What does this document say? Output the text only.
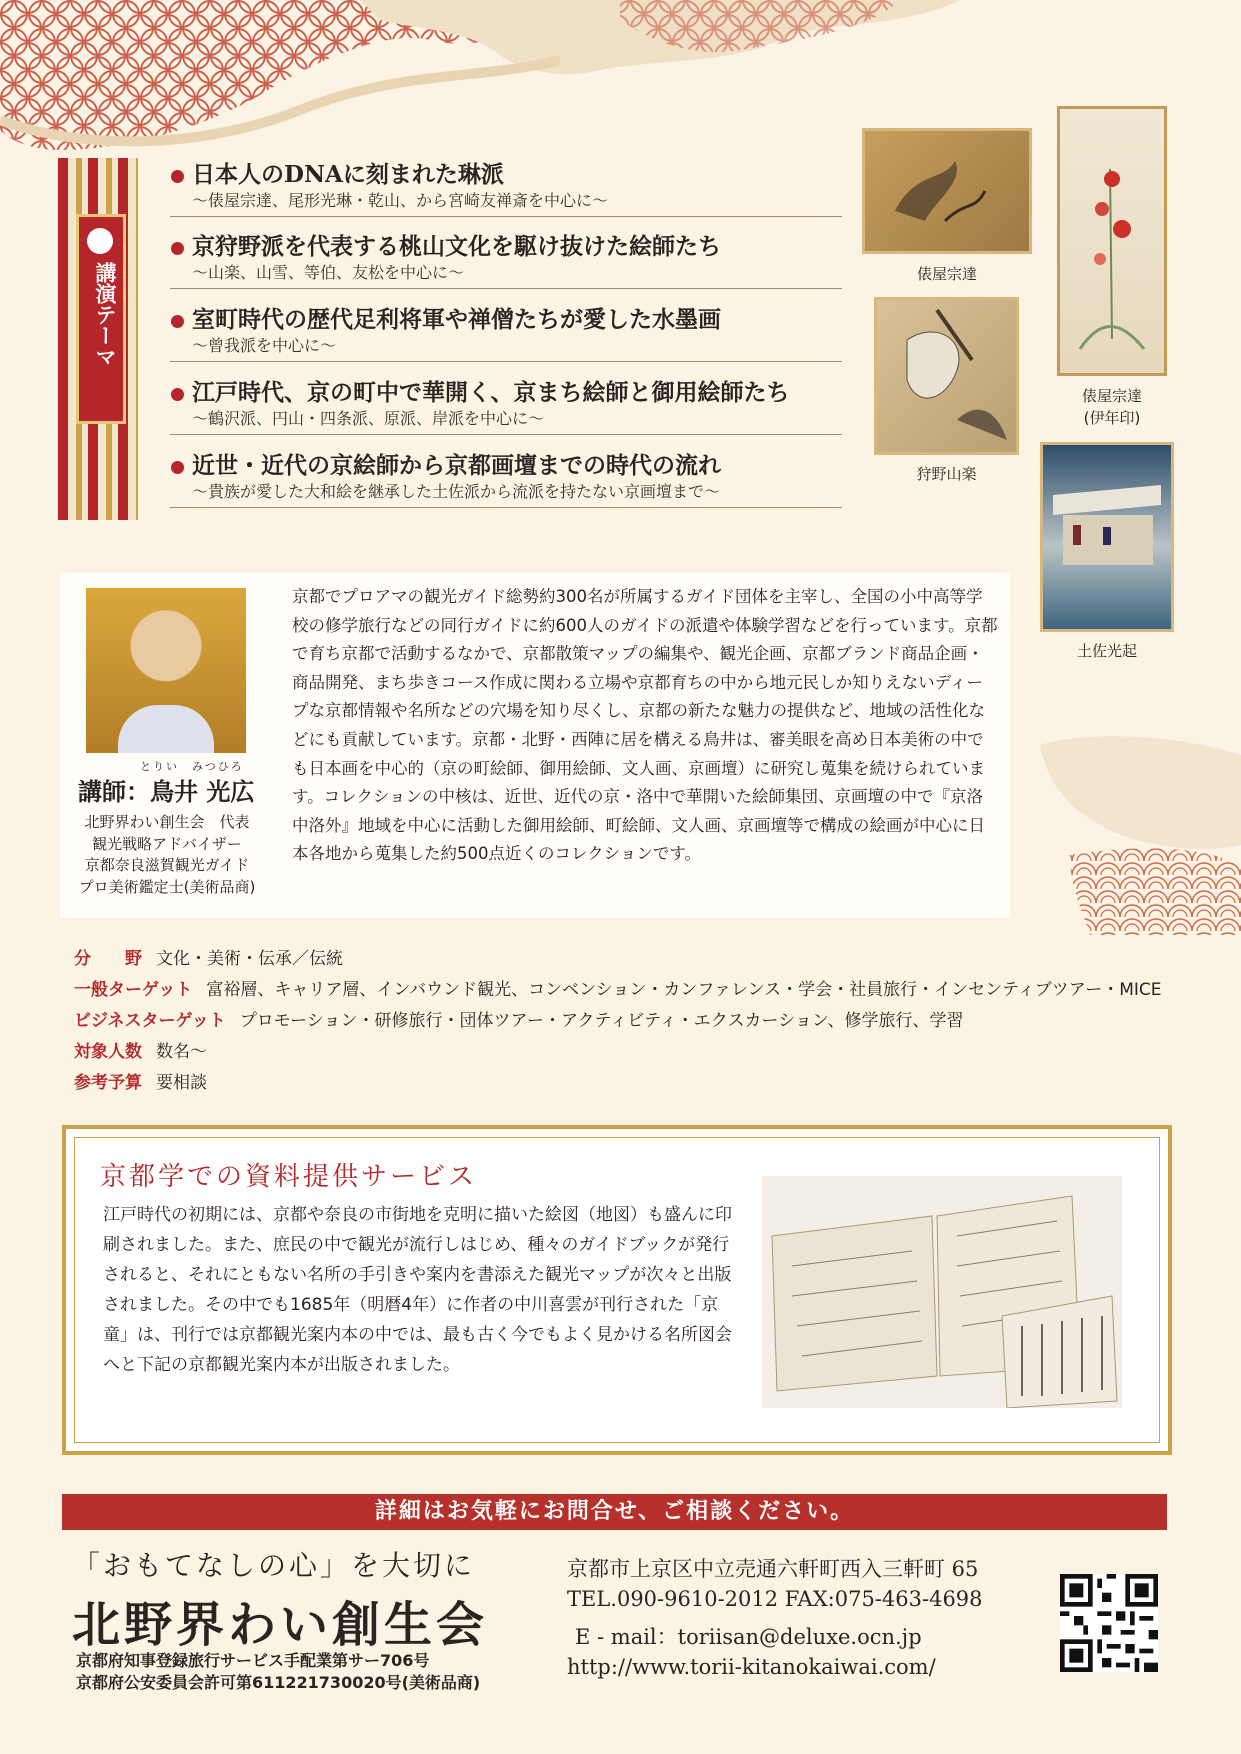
講演テーマ
日本人のDNAに刻まれた琳派
～俵屋宗達、尾形光琳・乾山、から宮崎友禅斎を中心に～
京狩野派を代表する桃山文化を駆け抜けた絵師たち
～山楽、山雪、等伯、友松を中心に～
室町時代の歴代足利将軍や禅僧たちが愛した水墨画
～曾我派を中心に～
江戸時代、京の町中で華開く、京まち絵師と御用絵師たち
～鶴沢派、円山・四条派、原派、岸派を中心に～
近世・近代の京絵師から京都画壇までの時代の流れ
～貴族が愛した大和絵を継承した土佐派から流派を持たない京画壇まで～
俵屋宗達
俵屋宗達
(伊年印)
狩野山楽
土佐光起
京都でプロアマの観光ガイド総勢約300名が所属するガイド団体を主宰し、全国の小中高等学校の修学旅行などの同行ガイドに約600人のガイドの派遣や体験学習などを行っています。京都で育ち京都で活動するなかで、京都散策マップの編集や、観光企画、京都ブランド商品企画・商品開発、まち歩きコース作成に関わる立場や京都育ちの中から地元民しか知りえないディープな京都情報や名所などの穴場を知り尽くし、京都の新たな魅力の提供など、地域の活性化などにも貢献しています。京都・北野・西陣に居を構える鳥井は、審美眼を高め日本美術の中でも日本画を中心的（京の町絵師、御用絵師、文人画、京画壇）に研究し蒐集を続けられています。コレクションの中核は、近世、近代の京・洛中で華開いた絵師集団、京画壇の中で『京洛中洛外』地域を中心に活動した御用絵師、町絵師、文人画、京画壇等で構成の絵画が中心に日本各地から蒐集した約500点近くのコレクションです。
とりい　みつひろ
講師：鳥井 光広
北野界わい創生会　代表
観光戦略アドバイザー
京都奈良滋賀観光ガイド
プロ美術鑑定士(美術品商)
分　　野 文化・美術・伝承／伝統
一般ターゲット 富裕層、キャリア層、インバウンド観光、コンベンション・カンファレンス・学会・社員旅行・インセンティブツアー・MICE
ビジネスターゲット プロモーション・研修旅行・団体ツアー・アクティビティ・エクスカーション、修学旅行、学習
対象人数 数名～
参考予算 要相談
京都学での資料提供サービス
江戸時代の初期には、京都や奈良の市街地を克明に描いた絵図（地図）も盛んに印刷されました。また、庶民の中で観光が流行しはじめ、種々のガイドブックが発行されると、それにともない名所の手引きや案内を書添えた観光マップが次々と出版されました。その中でも1685年（明暦4年）に作者の中川喜雲が刊行された「京童」は、刊行では京都観光案内本の中では、最も古く今でもよく見かける名所図会へと下記の京都観光案内本が出版されました。
詳細はお気軽にお問合せ、ご相談ください。
「おもてなしの心」を大切に
北野界わい創生会
京都府知事登録旅行サービス手配業第サー706号
京都府公安委員会許可第611221730020号(美術品商)
京都市上京区中立売通六軒町西入三軒町 65
TEL.090-9610-2012 FAX:075-463-4698
E - mail：toriisan@deluxe.ocn.jp
http://www.torii-kitanokaiwai.com/
